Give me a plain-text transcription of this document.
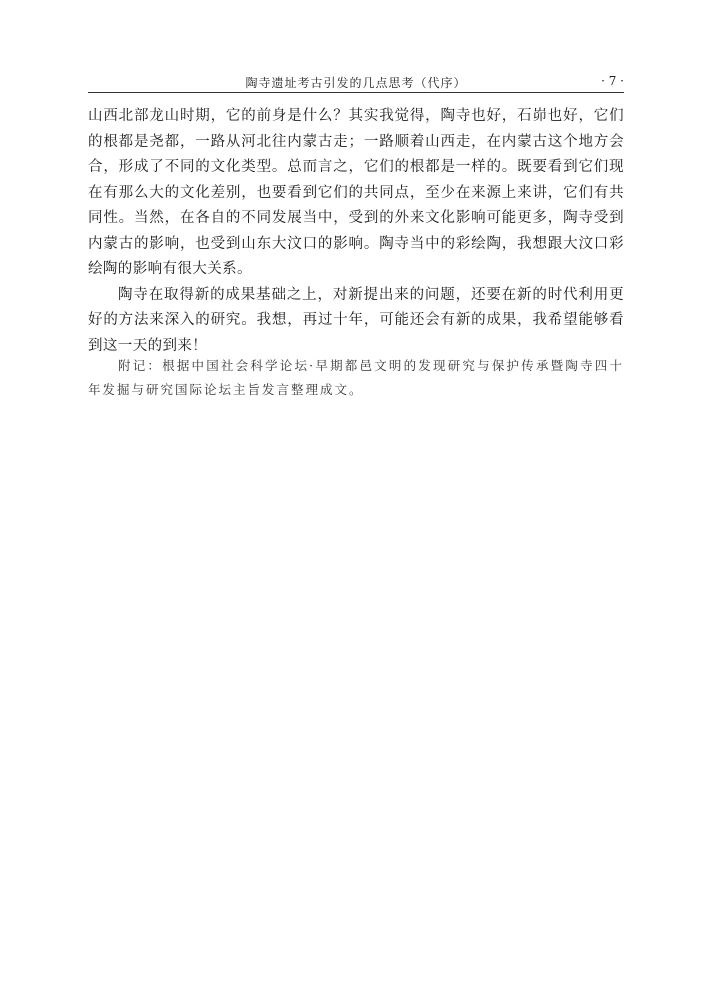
陶寺遗址考古引发的几点思考（代序）	· 7 ·

山西北部龙山时期，它的前身是什么？其实我觉得，陶寺也好，石峁也好，它们的根都是尧都，一路从河北往内蒙古走；一路顺着山西走，在内蒙古这个地方会合，形成了不同的文化类型。总而言之，它们的根都是一样的。既要看到它们现在有那么大的文化差别，也要看到它们的共同点，至少在来源上来讲，它们有共同性。当然，在各自的不同发展当中，受到的外来文化影响可能更多，陶寺受到内蒙古的影响，也受到山东大汶口的影响。陶寺当中的彩绘陶，我想跟大汶口彩绘陶的影响有很大关系。

陶寺在取得新的成果基础之上，对新提出来的问题，还要在新的时代利用更好的方法来深入的研究。我想，再过十年，可能还会有新的成果，我希望能够看到这一天的到来！

附记：根据中国社会科学论坛·早期都邑文明的发现研究与保护传承暨陶寺四十年发掘与研究国际论坛主旨发言整理成文。
